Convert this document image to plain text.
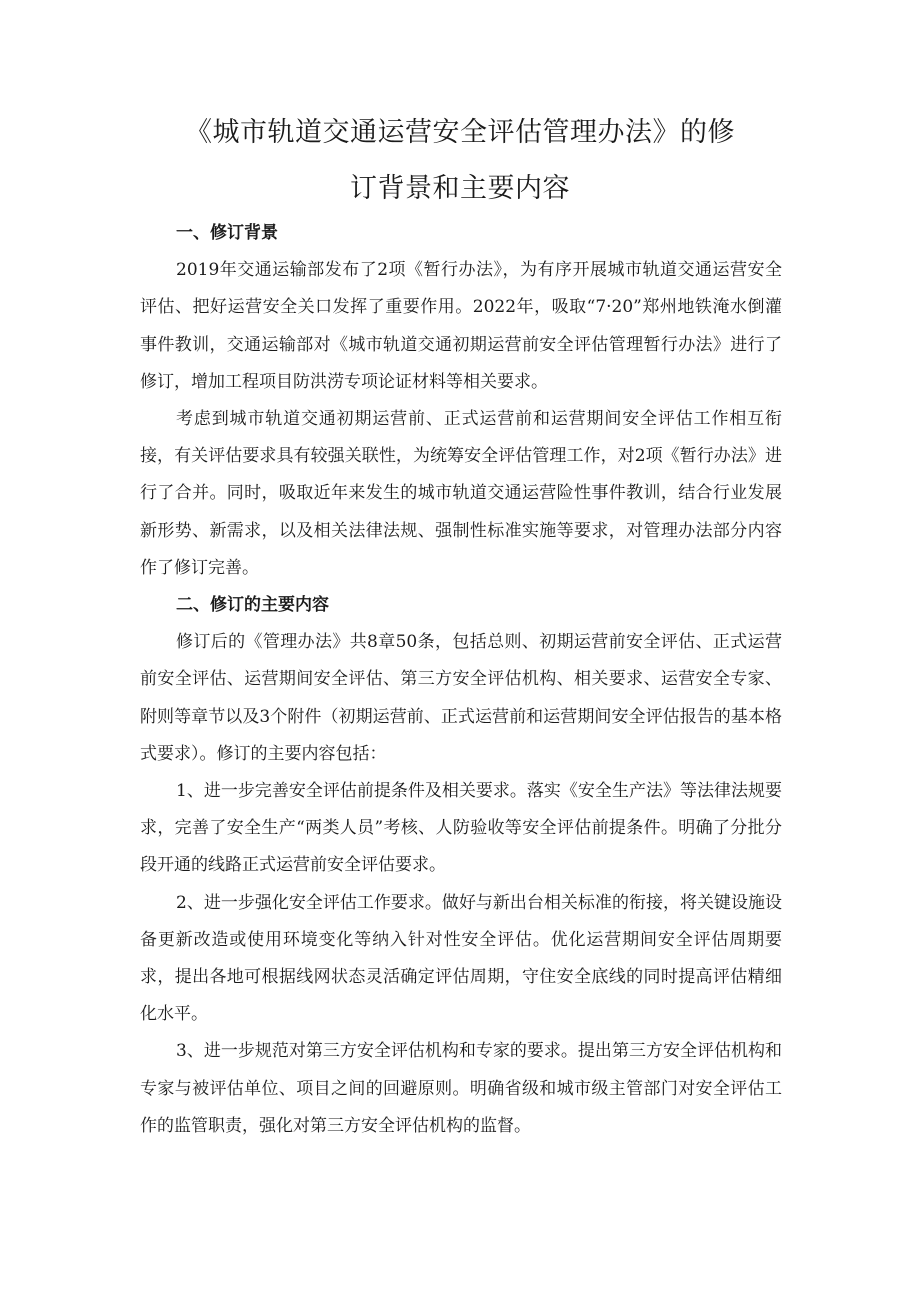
《城市轨道交通运营安全评估管理办法》的修
订背景和主要内容
一、修订背景

2019年交通运输部发布了2项《暂行办法》，为有序开展城市轨道交通运营安全评估、把好运营安全关口发挥了重要作用。2022年，吸取“7·20”郑州地铁淹水倒灌事件教训，交通运输部对《城市轨道交通初期运营前安全评估管理暂行办法》进行了修订，增加工程项目防洪涝专项论证材料等相关要求。

考虑到城市轨道交通初期运营前、正式运营前和运营期间安全评估工作相互衔接，有关评估要求具有较强关联性，为统筹安全评估管理工作，对2项《暂行办法》进行了合并。同时，吸取近年来发生的城市轨道交通运营险性事件教训，结合行业发展新形势、新需求，以及相关法律法规、强制性标准实施等要求，对管理办法部分内容作了修订完善。

二、修订的主要内容

修订后的《管理办法》共8章50条，包括总则、初期运营前安全评估、正式运营前安全评估、运营期间安全评估、第三方安全评估机构、相关要求、运营安全专家、附则等章节以及3个附件（初期运营前、正式运营前和运营期间安全评估报告的基本格式要求）。修订的主要内容包括：

1、进一步完善安全评估前提条件及相关要求。落实《安全生产法》等法律法规要求，完善了安全生产“两类人员”考核、人防验收等安全评估前提条件。明确了分批分段开通的线路正式运营前安全评估要求。

2、进一步强化安全评估工作要求。做好与新出台相关标准的衔接，将关键设施设备更新改造或使用环境变化等纳入针对性安全评估。优化运营期间安全评估周期要求，提出各地可根据线网状态灵活确定评估周期，守住安全底线的同时提高评估精细化水平。

3、进一步规范对第三方安全评估机构和专家的要求。提出第三方安全评估机构和专家与被评估单位、项目之间的回避原则。明确省级和城市级主管部门对安全评估工作的监管职责，强化对第三方安全评估机构的监督。
